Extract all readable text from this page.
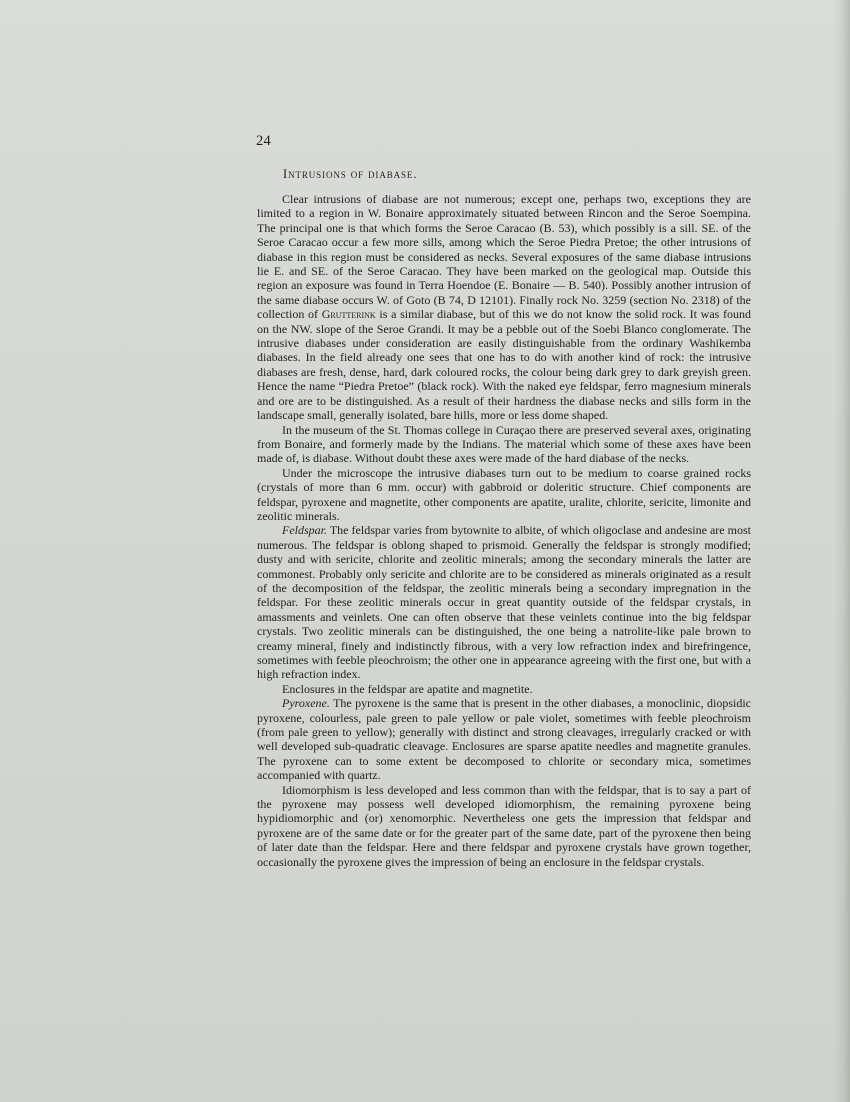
24
Intrusions of diabase.

Clear intrusions of diabase are not numerous; except one, perhaps two, exceptions they are limited to a region in W. Bonaire approximately situated between Rincon and the Seroe Soempina. The principal one is that which forms the Seroe Caracao (B. 53), which possibly is a sill. SE. of the Seroe Caracao occur a few more sills, among which the Seroe Piedra Pretoe; the other intrusions of diabase in this region must be considered as necks. Several exposures of the same diabase intrusions lie E. and SE. of the Seroe Caracao. They have been marked on the geological map. Outside this region an exposure was found in Terra Hoendoe (E. Bonaire — B. 540). Possibly another intrusion of the same diabase occurs W. of Goto (B 74, D 12101). Finally rock No. 3259 (section No. 2318) of the collection of Grutterink is a similar diabase, but of this we do not know the solid rock. It was found on the NW. slope of the Seroe Grandi. It may be a pebble out of the Soebi Blanco conglomerate. The intrusive diabases under consideration are easily distinguishable from the ordinary Washikemba diabases. In the field already one sees that one has to do with another kind of rock: the intrusive diabases are fresh, dense, hard, dark coloured rocks, the colour being dark grey to dark greyish green. Hence the name “Piedra Pretoe” (black rock). With the naked eye feldspar, ferro magnesium minerals and ore are to be distinguished. As a result of their hardness the diabase necks and sills form in the landscape small, generally isolated, bare hills, more or less dome shaped.

In the museum of the St. Thomas college in Curaçao there are preserved several axes, originating from Bonaire, and formerly made by the Indians. The material which some of these axes have been made of, is diabase. Without doubt these axes were made of the hard diabase of the necks.

Under the microscope the intrusive diabases turn out to be medium to coarse grained rocks (crystals of more than 6 mm. occur) with gabbroid or doleritic structure. Chief components are feldspar, pyroxene and magnetite, other components are apatite, uralite, chlorite, sericite, limonite and zeolitic minerals.

Feldspar. The feldspar varies from bytownite to albite, of which oligoclase and andesine are most numerous. The feldspar is oblong shaped to prismoid. Generally the feldspar is strongly modified; dusty and with sericite, chlorite and zeolitic minerals; among the secondary minerals the latter are commonest. Probably only sericite and chlorite are to be considered as minerals originated as a result of the decomposition of the feldspar, the zeolitic minerals being a secondary impregnation in the feldspar. For these zeolitic minerals occur in great quantity outside of the feldspar crystals, in amassments and veinlets. One can often observe that these veinlets continue into the big feldspar crystals. Two zeolitic minerals can be distinguished, the one being a natrolite-like pale brown to creamy mineral, finely and indistinctly fibrous, with a very low refraction index and birefringence, sometimes with feeble pleochroism; the other one in appearance agreeing with the first one, but with a high refraction index.

Enclosures in the feldspar are apatite and magnetite.

Pyroxene. The pyroxene is the same that is present in the other diabases, a monoclinic, diopsidic pyroxene, colourless, pale green to pale yellow or pale violet, sometimes with feeble pleochroism (from pale green to yellow); generally with distinct and strong cleavages, irregularly cracked or with well developed sub-quadratic cleavage. Enclosures are sparse apatite needles and magnetite granules. The pyroxene can to some extent be decomposed to chlorite or secondary mica, sometimes accompanied with quartz.

Idiomorphism is less developed and less common than with the feldspar, that is to say a part of the pyroxene may possess well developed idiomorphism, the remaining pyroxene being hypidiomorphic and (or) xenomorphic. Nevertheless one gets the impression that feldspar and pyroxene are of the same date or for the greater part of the same date, part of the pyroxene then being of later date than the feldspar. Here and there feldspar and pyroxene crystals have grown together, occasionally the pyroxene gives the impression of being an enclosure in the feldspar crystals.
